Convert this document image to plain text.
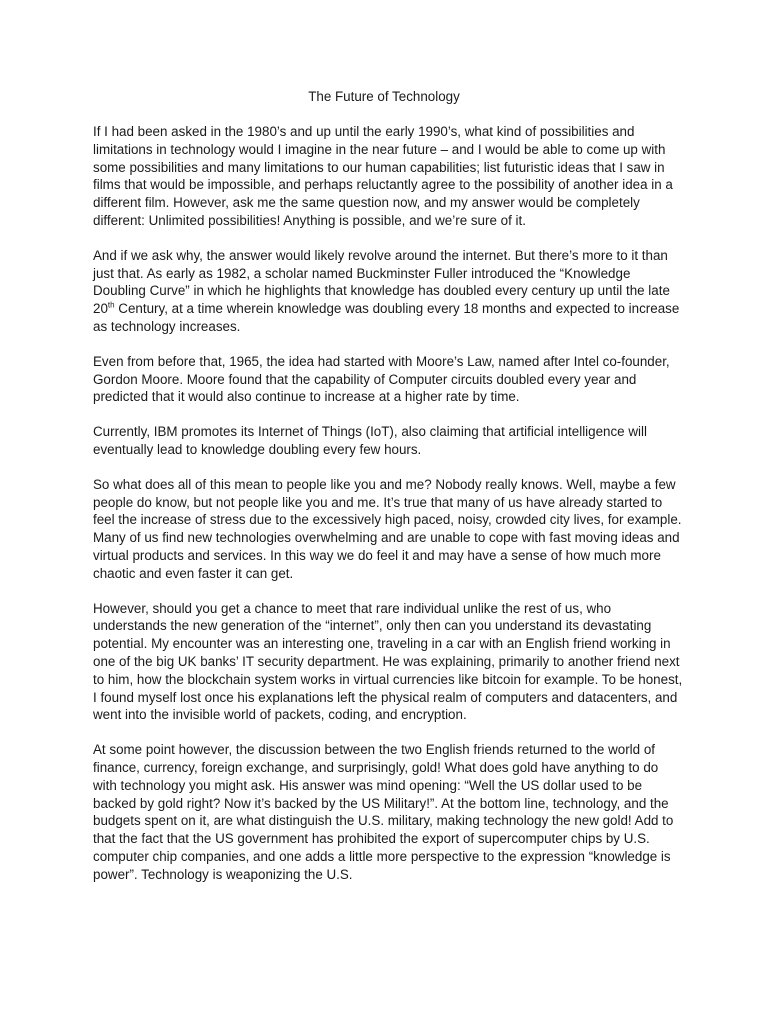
The Future of Technology

If I had been asked in the 1980’s and up until the early 1990’s, what kind of possibilities and limitations in technology would I imagine in the near future – and I would be able to come up with some possibilities and many limitations to our human capabilities; list futuristic ideas that I saw in films that would be impossible, and perhaps reluctantly agree to the possibility of another idea in a different film. However, ask me the same question now, and my answer would be completely different: Unlimited possibilities! Anything is possible, and we’re sure of it.

And if we ask why, the answer would likely revolve around the internet. But there’s more to it than just that. As early as 1982, a scholar named Buckminster Fuller introduced the “Knowledge Doubling Curve” in which he highlights that knowledge has doubled every century up until the late 20th Century, at a time wherein knowledge was doubling every 18 months and expected to increase as technology increases.

Even from before that, 1965, the idea had started with Moore’s Law, named after Intel co-founder, Gordon Moore. Moore found that the capability of Computer circuits doubled every year and predicted that it would also continue to increase at a higher rate by time.

Currently, IBM promotes its Internet of Things (IoT), also claiming that artificial intelligence will eventually lead to knowledge doubling every few hours.

So what does all of this mean to people like you and me? Nobody really knows. Well, maybe a few people do know, but not people like you and me. It’s true that many of us have already started to feel the increase of stress due to the excessively high paced, noisy, crowded city lives, for example. Many of us find new technologies overwhelming and are unable to cope with fast moving ideas and virtual products and services. In this way we do feel it and may have a sense of how much more chaotic and even faster it can get.

However, should you get a chance to meet that rare individual unlike the rest of us, who understands the new generation of the “internet”, only then can you understand its devastating potential. My encounter was an interesting one, traveling in a car with an English friend working in one of the big UK banks’ IT security department. He was explaining, primarily to another friend next to him, how the blockchain system works in virtual currencies like bitcoin for example. To be honest, I found myself lost once his explanations left the physical realm of computers and datacenters, and went into the invisible world of packets, coding, and encryption.

At some point however, the discussion between the two English friends returned to the world of finance, currency, foreign exchange, and surprisingly, gold! What does gold have anything to do with technology you might ask. His answer was mind opening: “Well the US dollar used to be backed by gold right? Now it’s backed by the US Military!”. At the bottom line, technology, and the budgets spent on it, are what distinguish the U.S. military, making technology the new gold! Add to that the fact that the US government has prohibited the export of supercomputer chips by U.S. computer chip companies, and one adds a little more perspective to the expression “knowledge is power”. Technology is weaponizing the U.S.
